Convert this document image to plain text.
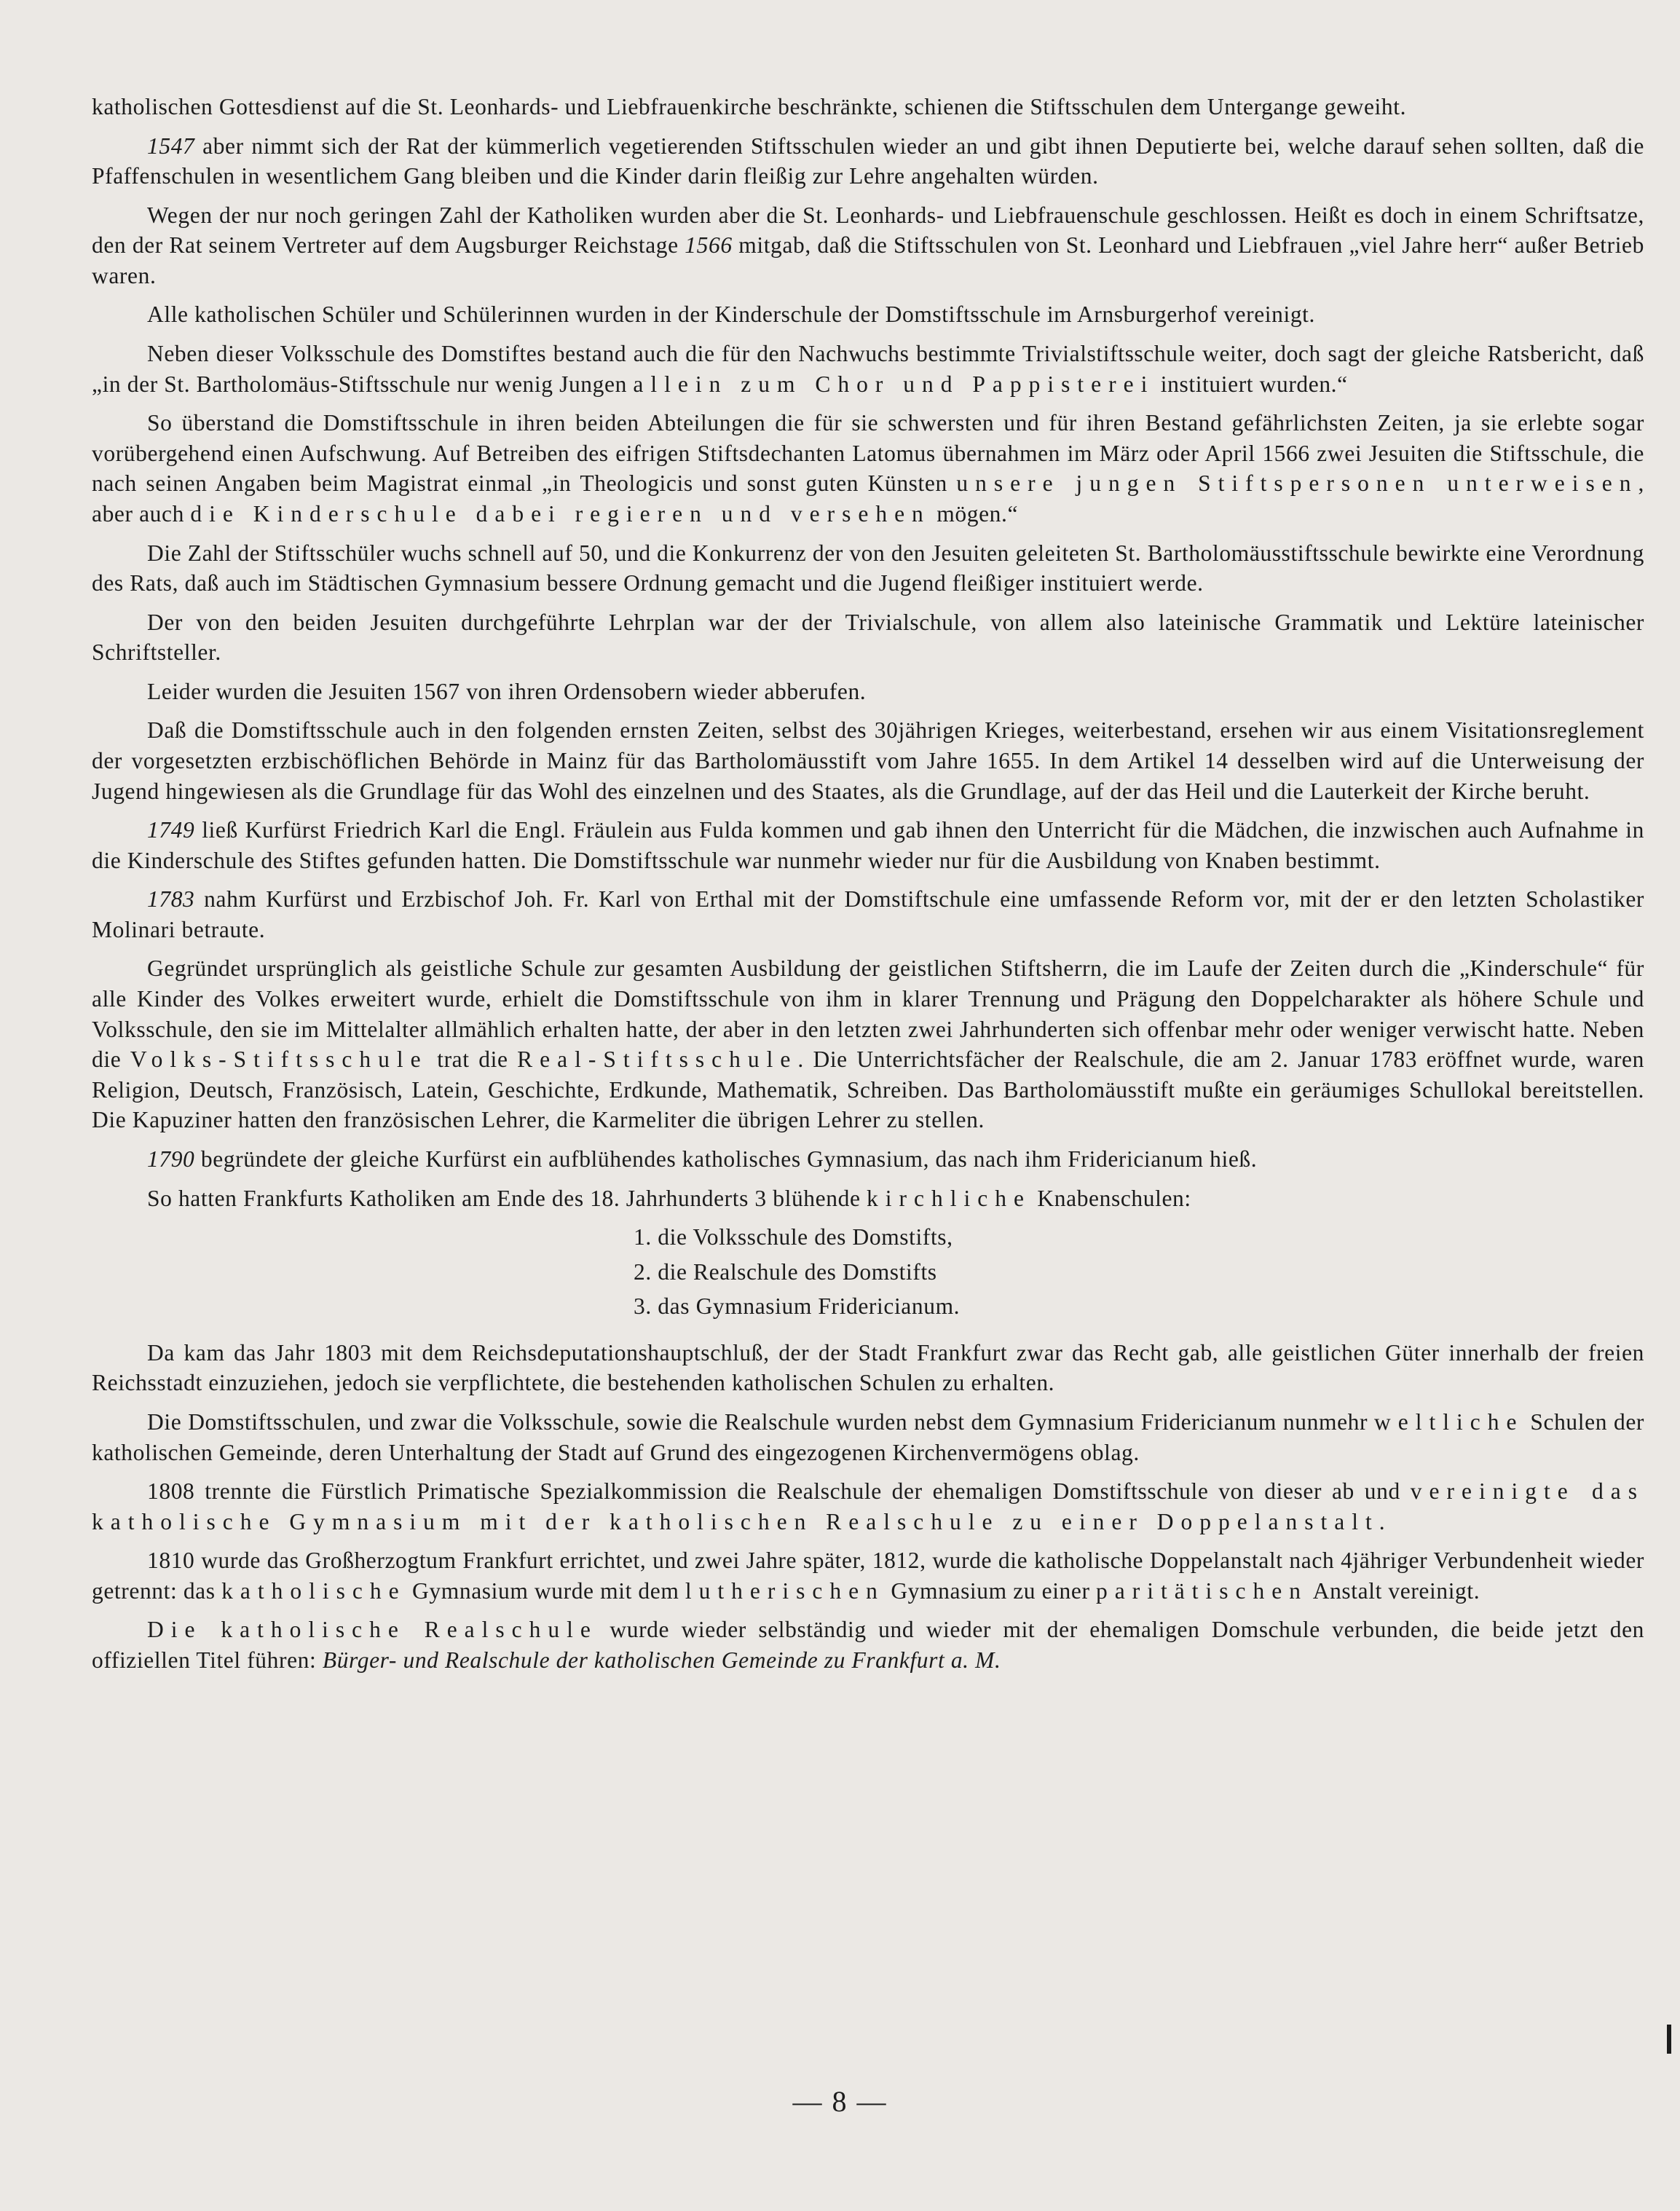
katholischen Gottesdienst auf die St. Leonhards- und Liebfrauenkirche beschränkte, schienen die Stiftsschulen dem Untergange geweiht.

1547 aber nimmt sich der Rat der kümmerlich vegetierenden Stiftsschulen wieder an und gibt ihnen Deputierte bei, welche darauf sehen sollten, daß die Pfaffenschulen in wesentlichem Gang bleiben und die Kinder darin fleißig zur Lehre angehalten würden.

Wegen der nur noch geringen Zahl der Katholiken wurden aber die St. Leonhards- und Liebfrauenschule geschlossen. Heißt es doch in einem Schriftsatze, den der Rat seinem Vertreter auf dem Augsburger Reichstage 1566 mitgab, daß die Stiftsschulen von St. Leonhard und Liebfrauen „viel Jahre herr“ außer Betrieb waren.

Alle katholischen Schüler und Schülerinnen wurden in der Kinderschule der Domstiftsschule im Arnsburgerhof vereinigt.

Neben dieser Volksschule des Domstiftes bestand auch die für den Nachwuchs bestimmte Trivialstiftsschule weiter, doch sagt der gleiche Ratsbericht, daß „in der St. Bartholomäus-Stiftsschule nur wenig Jungen allein zum Chor und Pappisterei instituiert wurden.“

So überstand die Domstiftsschule in ihren beiden Abteilungen die für sie schwersten und für ihren Bestand gefährlichsten Zeiten, ja sie erlebte sogar vorübergehend einen Aufschwung. Auf Betreiben des eifrigen Stiftsdechanten Latomus übernahmen im März oder April 1566 zwei Jesuiten die Stiftsschule, die nach seinen Angaben beim Magistrat einmal „in Theologicis und sonst guten Künsten unsere jungen Stiftspersonen unterweisen, aber auch die Kinderschule dabei regieren und versehen mögen.“

Die Zahl der Stiftsschüler wuchs schnell auf 50, und die Konkurrenz der von den Jesuiten geleiteten St. Bartholomäusstiftsschule bewirkte eine Verordnung des Rats, daß auch im Städtischen Gymnasium bessere Ordnung gemacht und die Jugend fleißiger instituiert werde.

Der von den beiden Jesuiten durchgeführte Lehrplan war der der Trivialschule, von allem also lateinische Grammatik und Lektüre lateinischer Schriftsteller.

Leider wurden die Jesuiten 1567 von ihren Ordensobern wieder abberufen.

Daß die Domstiftsschule auch in den folgenden ernsten Zeiten, selbst des 30jährigen Krieges, weiterbestand, ersehen wir aus einem Visitationsreglement der vorgesetzten erzbischöflichen Behörde in Mainz für das Bartholomäusstift vom Jahre 1655. In dem Artikel 14 desselben wird auf die Unterweisung der Jugend hingewiesen als die Grundlage für das Wohl des einzelnen und des Staates, als die Grundlage, auf der das Heil und die Lauterkeit der Kirche beruht.

1749 ließ Kurfürst Friedrich Karl die Engl. Fräulein aus Fulda kommen und gab ihnen den Unterricht für die Mädchen, die inzwischen auch Aufnahme in die Kinderschule des Stiftes gefunden hatten. Die Domstiftsschule war nunmehr wieder nur für die Ausbildung von Knaben bestimmt.

1783 nahm Kurfürst und Erzbischof Joh. Fr. Karl von Erthal mit der Domstiftschule eine umfassende Reform vor, mit der er den letzten Scholastiker Molinari betraute.

Gegründet ursprünglich als geistliche Schule zur gesamten Ausbildung der geistlichen Stiftsherrn, die im Laufe der Zeiten durch die „Kinderschule“ für alle Kinder des Volkes erweitert wurde, erhielt die Domstiftsschule von ihm in klarer Trennung und Prägung den Doppelcharakter als höhere Schule und Volksschule, den sie im Mittelalter allmählich erhalten hatte, der aber in den letzten zwei Jahrhunderten sich offenbar mehr oder weniger verwischt hatte. Neben die Volks-Stiftsschule trat die Real-Stiftsschule. Die Unterrichtsfächer der Realschule, die am 2. Januar 1783 eröffnet wurde, waren Religion, Deutsch, Französisch, Latein, Geschichte, Erdkunde, Mathematik, Schreiben. Das Bartholomäusstift mußte ein geräumiges Schullokal bereitstellen. Die Kapuziner hatten den französischen Lehrer, die Karmeliter die übrigen Lehrer zu stellen.

1790 begründete der gleiche Kurfürst ein aufblühendes katholisches Gymnasium, das nach ihm Fridericianum hieß.

So hatten Frankfurts Katholiken am Ende des 18. Jahrhunderts 3 blühende kirchliche Knabenschulen:

1. die Volksschule des Domstifts,
2. die Realschule des Domstifts
3. das Gymnasium Fridericianum.

Da kam das Jahr 1803 mit dem Reichsdeputationshauptschluß, der der Stadt Frankfurt zwar das Recht gab, alle geistlichen Güter innerhalb der freien Reichsstadt einzuziehen, jedoch sie verpflichtete, die bestehenden katholischen Schulen zu erhalten.

Die Domstiftsschulen, und zwar die Volksschule, sowie die Realschule wurden nebst dem Gymnasium Fridericianum nunmehr weltliche Schulen der katholischen Gemeinde, deren Unterhaltung der Stadt auf Grund des eingezogenen Kirchenvermögens oblag.

1808 trennte die Fürstlich Primatische Spezialkommission die Realschule der ehemaligen Domstiftsschule von dieser ab und vereinigte das katholische Gymnasium mit der katholischen Realschule zu einer Doppelanstalt.

1810 wurde das Großherzogtum Frankfurt errichtet, und zwei Jahre später, 1812, wurde die katholische Doppelanstalt nach 4jähriger Verbundenheit wieder getrennt: das katholische Gymnasium wurde mit dem lutherischen Gymnasium zu einer paritätischen Anstalt vereinigt.

Die katholische Realschule wurde wieder selbständig und wieder mit der ehemaligen Domschule verbunden, die beide jetzt den offiziellen Titel führen: Bürger- und Realschule der katholischen Gemeinde zu Frankfurt a. M.

— 8 —
